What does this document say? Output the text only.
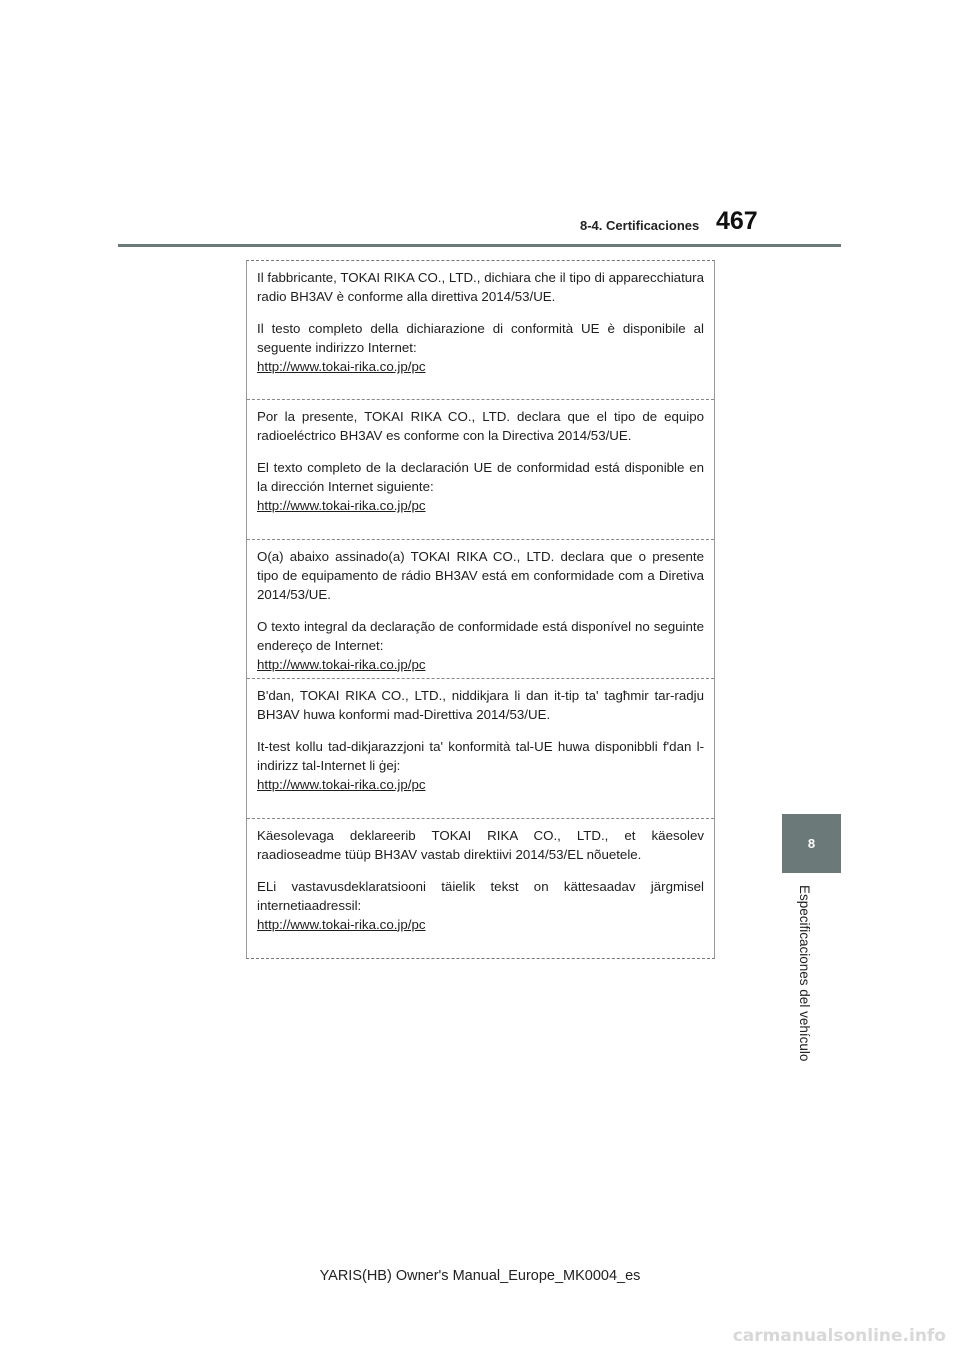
8-4. Certificaciones 467
8
Especificaciones del vehículo

Il fabbricante, TOKAI RIKA CO., LTD., dichiara che il tipo di apparecchiatura radio BH3AV è conforme alla direttiva 2014/53/UE.

Il testo completo della dichiarazione di conformità UE è disponibile al seguente indirizzo Internet:
http://www.tokai-rika.co.jp/pc

Por la presente, TOKAI RIKA CO., LTD. declara que el tipo de equipo radioeléctrico BH3AV es conforme con la Directiva 2014/53/UE.

El texto completo de la declaración UE de conformidad está disponible en la dirección Internet siguiente:
http://www.tokai-rika.co.jp/pc

O(a) abaixo assinado(a) TOKAI RIKA CO., LTD. declara que o presente tipo de equipamento de rádio BH3AV está em conformidade com a Diretiva 2014/53/UE.

O texto integral da declaração de conformidade está disponível no seguinte endereço de Internet:
http://www.tokai-rika.co.jp/pc

B'dan, TOKAI RIKA CO., LTD., niddikjara li dan it-tip ta' tagħmir tar-radju BH3AV huwa konformi mad-Direttiva 2014/53/UE.

It-test kollu tad-dikjarazzjoni ta' konformità tal-UE huwa disponibbli f'dan l-indirizz tal-Internet li ġej:
http://www.tokai-rika.co.jp/pc

Käesolevaga deklareerib TOKAI RIKA CO., LTD., et käesolev raadioseadme tüüp BH3AV vastab direktiivi 2014/53/EL nõuetele.

ELi vastavusdeklaratsiooni täielik tekst on kättesaadav järgmisel internetiaadressil:
http://www.tokai-rika.co.jp/pc

YARIS(HB) Owner's Manual_Europe_MK0004_es
carmanualsonline.info
